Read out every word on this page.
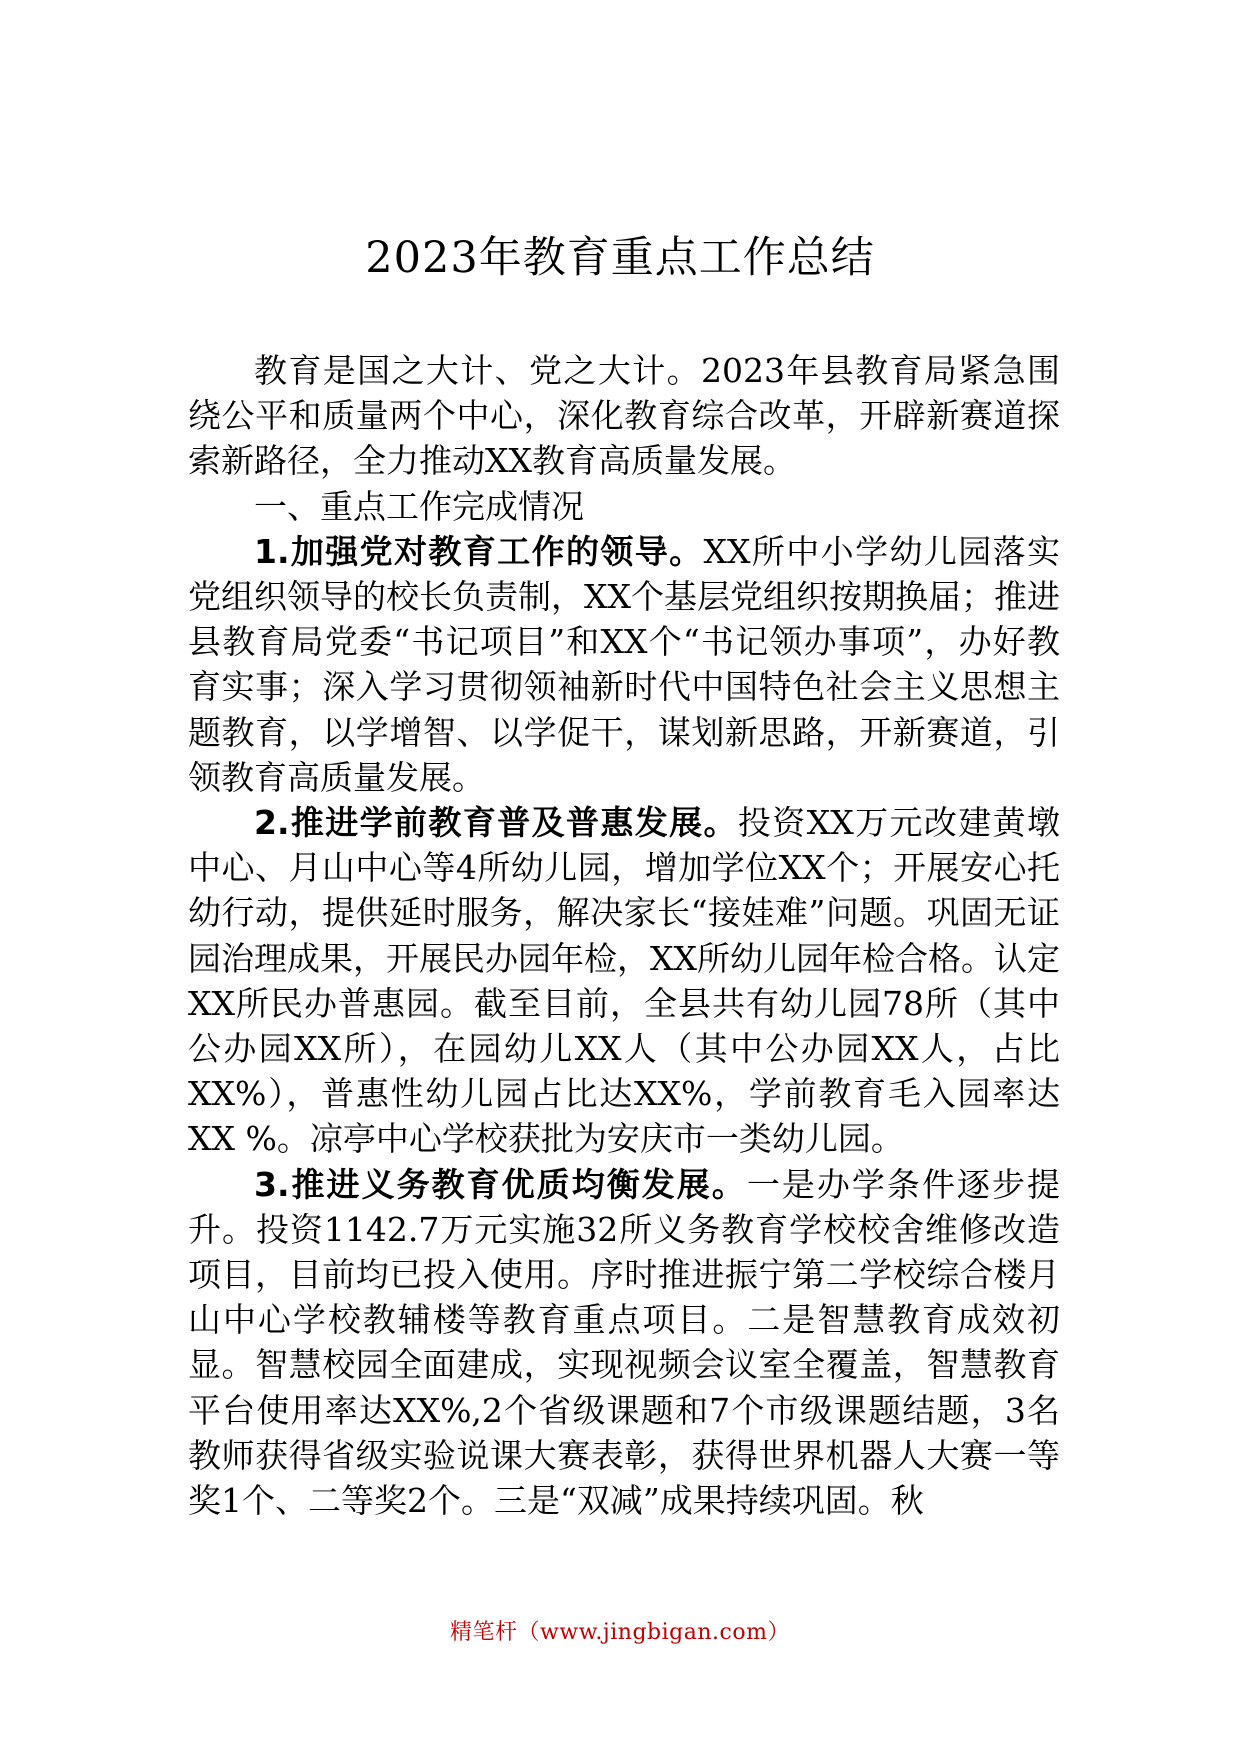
2023年教育重点工作总结

教育是国之大计、党之大计。2023年县教育局紧急围绕公平和质量两个中心，深化教育综合改革，开辟新赛道探索新路径，全力推动XX教育高质量发展。

一、重点工作完成情况

1.加强党对教育工作的领导。XX所中小学幼儿园落实党组织领导的校长负责制，XX个基层党组织按期换届；推进县教育局党委“书记项目”和XX个“书记领办事项”，办好教育实事；深入学习贯彻领袖新时代中国特色社会主义思想主题教育，以学增智、以学促干，谋划新思路，开新赛道，引领教育高质量发展。

2.推进学前教育普及普惠发展。投资XX万元改建黄墩中心、月山中心等4所幼儿园，增加学位XX个；开展安心托幼行动，提供延时服务，解决家长“接娃难”问题。巩固无证园治理成果，开展民办园年检，XX所幼儿园年检合格。认定XX所民办普惠园。截至目前，全县共有幼儿园78所（其中公办园XX所），在园幼儿XX人（其中公办园XX人，占比XX%），普惠性幼儿园占比达XX%，学前教育毛入园率达XX %。凉亭中心学校获批为安庆市一类幼儿园。

3.推进义务教育优质均衡发展。一是办学条件逐步提升。投资1142.7万元实施32所义务教育学校校舍维修改造项目，目前均已投入使用。序时推进振宁第二学校综合楼月山中心学校教辅楼等教育重点项目。二是智慧教育成效初显。智慧校园全面建成，实现视频会议室全覆盖，智慧教育平台使用率达XX%,2个省级课题和7个市级课题结题，3名教师获得省级实验说课大赛表彰，获得世界机器人大赛一等奖1个、二等奖2个。三是“双减”成果持续巩固。秋

精笔杆（www.jingbigan.com）
